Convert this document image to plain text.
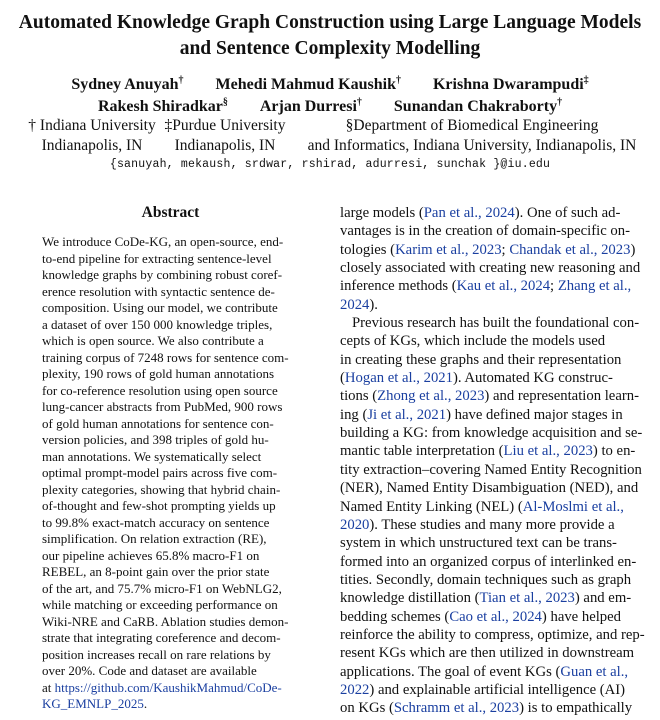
Automated Knowledge Graph Construction using Large Language Models
and Sentence Complexity Modelling
Sydney Anuyah† Mehedi Mahmud Kaushik† Krishna Dwarampudi‡
Rakesh Shiradkar§ Arjan Durresi† Sunandan Chakraborty†
† Indiana University
Indianapolis, IN
‡Purdue University
Indianapolis, IN
§Department of Biomedical Engineering
and Informatics, Indiana University, Indianapolis, IN
{sanuyah, mekaush, srdwar, rshirad, adurresi, sunchak }@iu.edu
Abstract
We introduce CoDe-KG, an open-source, end-
to-end pipeline for extracting sentence-level
knowledge graphs by combining robust coref-
erence resolution with syntactic sentence de-
composition. Using our model, we contribute
a dataset of over 150 000 knowledge triples,
which is open source. We also contribute a
training corpus of 7248 rows for sentence com-
plexity, 190 rows of gold human annotations
for co-reference resolution using open source
lung-cancer abstracts from PubMed, 900 rows
of gold human annotations for sentence con-
version policies, and 398 triples of gold hu-
man annotations. We systematically select
optimal prompt-model pairs across five com-
plexity categories, showing that hybrid chain-
of-thought and few-shot prompting yields up
to 99.8% exact-match accuracy on sentence
simplification. On relation extraction (RE),
our pipeline achieves 65.8% macro-F1 on
REBEL, an 8-point gain over the prior state
of the art, and 75.7% micro-F1 on WebNLG2,
while matching or exceeding performance on
Wiki-NRE and CaRB. Ablation studies demon-
strate that integrating coreference and decom-
position increases recall on rare relations by
over 20%. Code and dataset are available
at https://github.com/KaushikMahmud/CoDe-
KG_EMNLP_2025.
large models (Pan et al., 2024). One of such ad-
vantages is in the creation of domain-specific on-
tologies (Karim et al., 2023; Chandak et al., 2023)
closely associated with creating new reasoning and
inference methods (Kau et al., 2024; Zhang et al.,
2024).
Previous research has built the foundational con-
cepts of KGs, which include the models used
in creating these graphs and their representation
(Hogan et al., 2021). Automated KG construc-
tions (Zhong et al., 2023) and representation learn-
ing (Ji et al., 2021) have defined major stages in
building a KG: from knowledge acquisition and se-
mantic table interpretation (Liu et al., 2023) to en-
tity extraction–covering Named Entity Recognition
(NER), Named Entity Disambiguation (NED), and
Named Entity Linking (NEL) (Al-Moslmi et al.,
2020). These studies and many more provide a
system in which unstructured text can be trans-
formed into an organized corpus of interlinked en-
tities. Secondly, domain techniques such as graph
knowledge distillation (Tian et al., 2023) and em-
bedding schemes (Cao et al., 2024) have helped
reinforce the ability to compress, optimize, and rep-
resent KGs which are then utilized in downstream
applications. The goal of event KGs (Guan et al.,
2022) and explainable artificial intelligence (AI)
on KGs (Schramm et al., 2023) is to empathically
